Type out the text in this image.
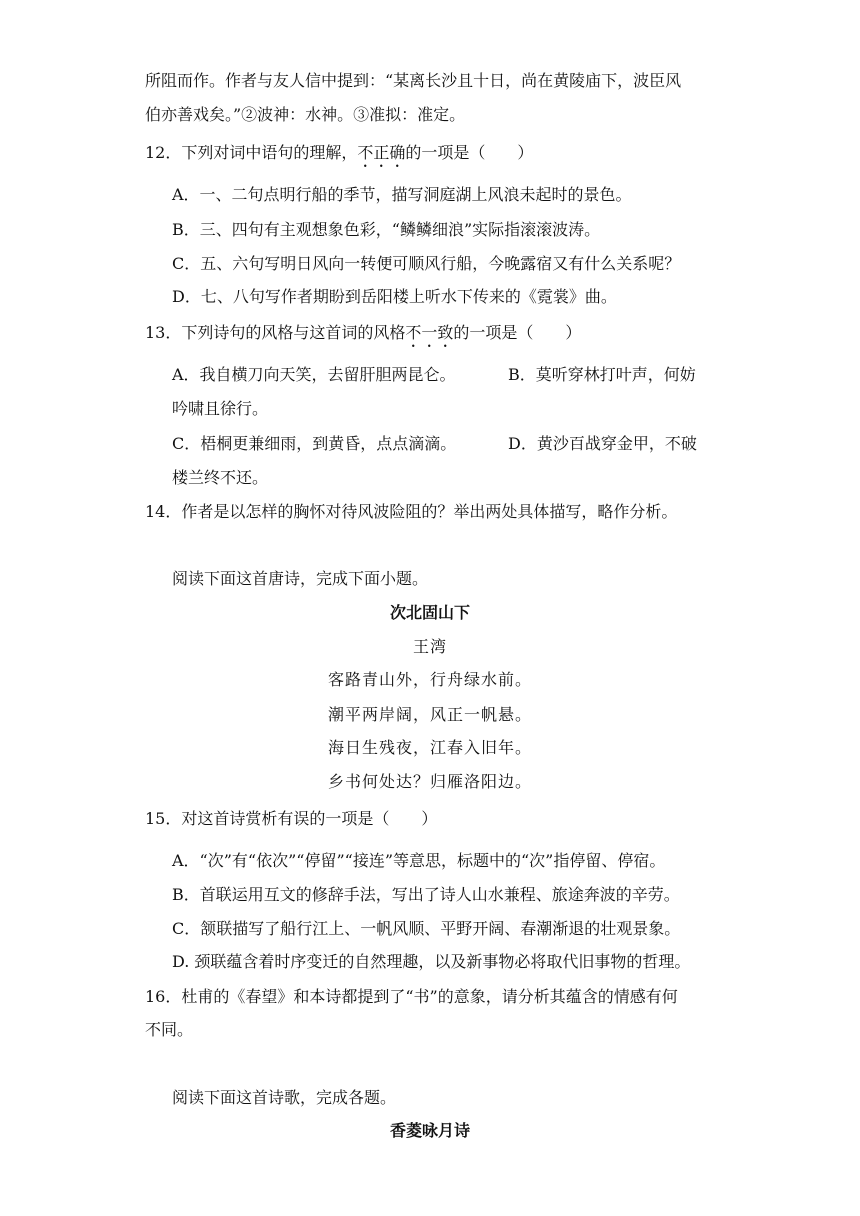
所阻而作。作者与友人信中提到：“某离长沙且十日，尚在黄陵庙下，波臣风
伯亦善戏矣。”②波神：水神。③准拟：准定。
12．下列对词中语句的理解，不正确的一项是（　　）
A．一、二句点明行船的季节，描写洞庭湖上风浪未起时的景色。
B．三、四句有主观想象色彩，“鳞鳞细浪”实际指滚滚波涛。
C．五、六句写明日风向一转便可顺风行船，今晚露宿又有什么关系呢？
D．七、八句写作者期盼到岳阳楼上听水下传来的《霓裳》曲。
13．下列诗句的风格与这首词的风格不一致的一项是（　　）
A．我自横刀向天笑，去留肝胆两昆仑。	B．莫听穿林打叶声，何妨
吟啸且徐行。
C．梧桐更兼细雨，到黄昏，点点滴滴。	D．黄沙百战穿金甲，不破
楼兰终不还。
14．作者是以怎样的胸怀对待风波险阻的？举出两处具体描写，略作分析。
阅读下面这首唐诗，完成下面小题。
次北固山下
王湾
客路青山外，行舟绿水前。
潮平两岸阔，风正一帆悬。
海日生残夜，江春入旧年。
乡书何处达？归雁洛阳边。
15．对这首诗赏析有误的一项是（　　）
A．“次”有“依次”“停留”“接连”等意思，标题中的“次”指停留、停宿。
B．首联运用互文的修辞手法，写出了诗人山水兼程、旅途奔波的辛劳。
C．颔联描写了船行江上、一帆风顺、平野开阔、春潮渐退的壮观景象。
D. 颈联蕴含着时序变迁的自然理趣，以及新事物必将取代旧事物的哲理。
16．杜甫的《春望》和本诗都提到了“书”的意象，请分析其蕴含的情感有何
不同。
阅读下面这首诗歌，完成各题。
香菱咏月诗
